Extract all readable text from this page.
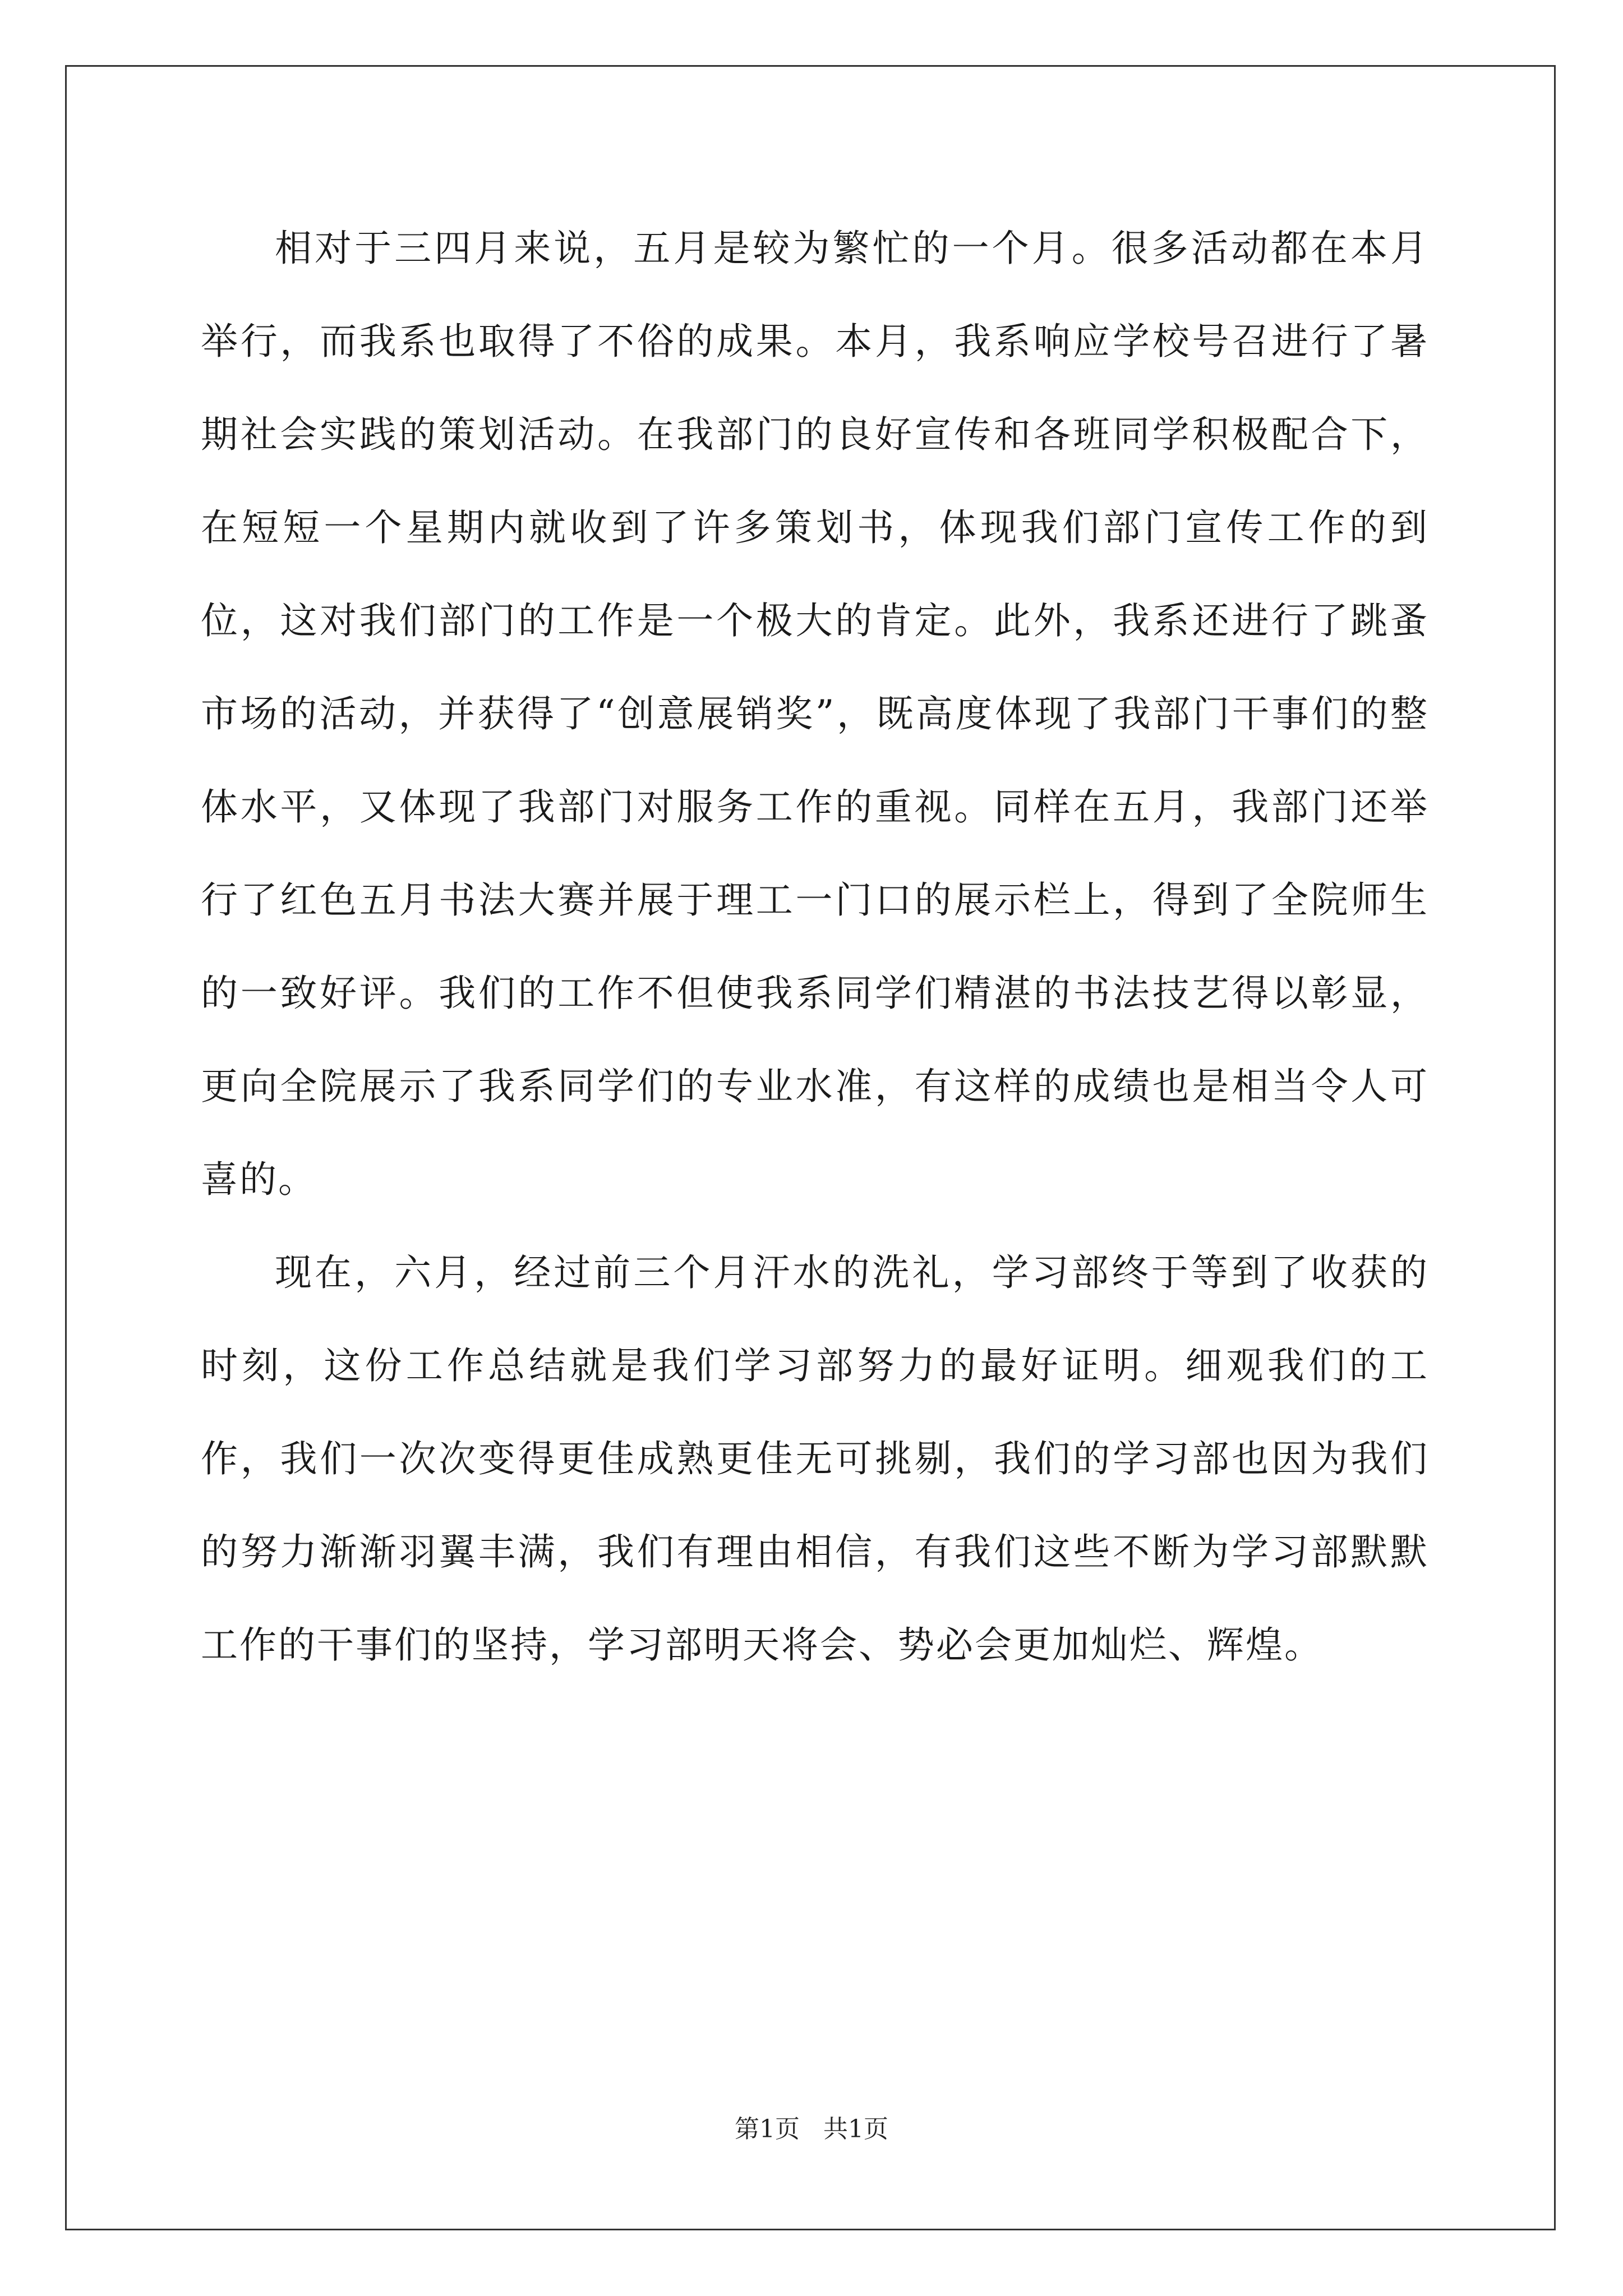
相对于三四月来说，五月是较为繁忙的一个月。很多活动都在本月举行，而我系也取得了不俗的成果。本月，我系响应学校号召进行了暑期社会实践的策划活动。在我部门的良好宣传和各班同学积极配合下，在短短一个星期内就收到了许多策划书，体现我们部门宣传工作的到位，这对我们部门的工作是一个极大的肯定。此外，我系还进行了跳蚤市场的活动，并获得了“创意展销奖”，既高度体现了我部门干事们的整体水平，又体现了我部门对服务工作的重视。同样在五月，我部门还举行了红色五月书法大赛并展于理工一门口的展示栏上，得到了全院师生的一致好评。我们的工作不但使我系同学们精湛的书法技艺得以彰显，更向全院展示了我系同学们的专业水准，有这样的成绩也是相当令人可喜的。

现在，六月，经过前三个月汗水的洗礼，学习部终于等到了收获的时刻，这份工作总结就是我们学习部努力的最好证明。细观我们的工作，我们一次次变得更佳成熟更佳无可挑剔，我们的学习部也因为我们的努力渐渐羽翼丰满，我们有理由相信，有我们这些不断为学习部默默工作的干事们的坚持，学习部明天将会、势必会更加灿烂、辉煌。

第1页 共1页
